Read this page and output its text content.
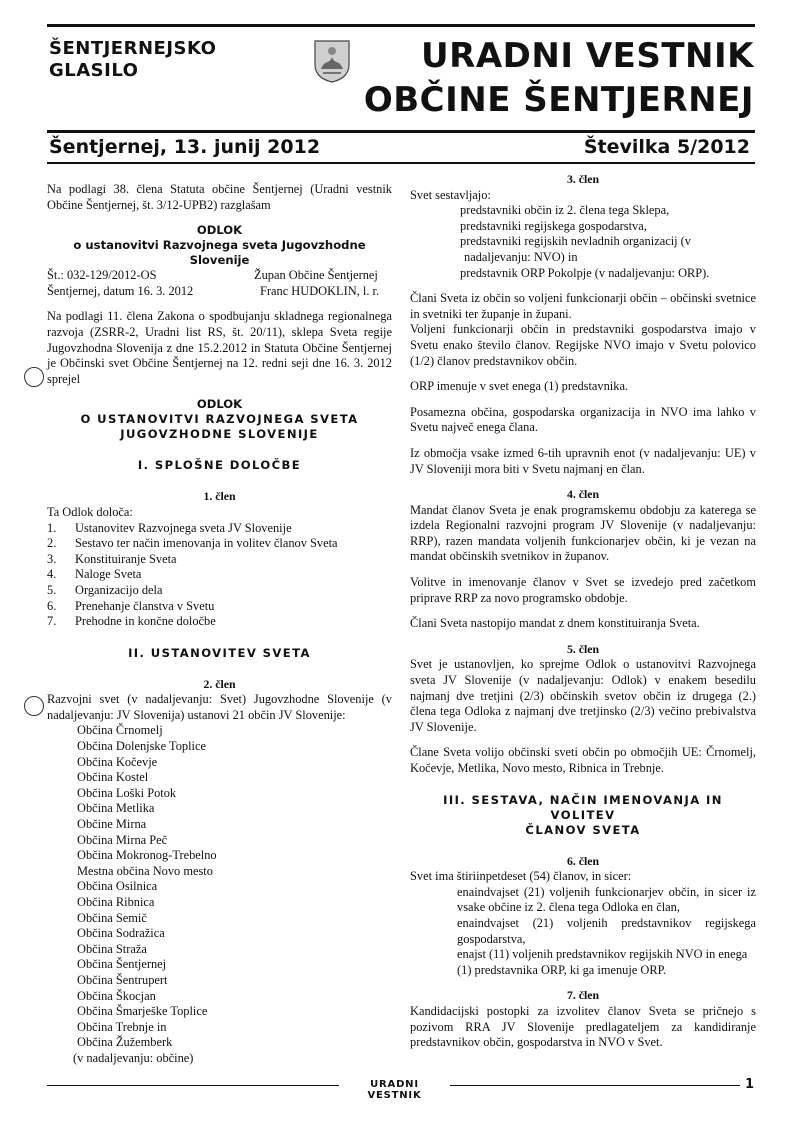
ŠENTJERNEJSKO
GLASILO	URADNI VESTNIK
OBČINE ŠENTJERNEJ
Šentjernej, 13. junij 2012	Številka 5/2012

Na podlagi 38. člena Statuta občine Šentjernej (Uradni vestnik Občine Šentjernej, št. 3/12-UPB2) razglašam

ODLOK
o ustanovitvi Razvojnega sveta Jugovzhodne Slovenije
Št.: 032-129/2012-OS	Župan Občine Šentjernej
Šentjernej, datum 16. 3. 2012	Franc HUDOKLIN, l. r.

Na podlagi 11. člena Zakona o spodbujanju skladnega regionalnega razvoja (ZSRR-2, Uradni list RS, št. 20/11), sklepa Sveta regije Jugovzhodna Slovenija z dne 15.2.2012 in Statuta Občine Šentjernej je Občinski svet Občine Šentjernej na 12. redni seji dne 16. 3. 2012 sprejel

ODLOK
O USTANOVITVI RAZVOJNEGA SVETA
JUGOVZHODNE SLOVENIJE
I. SPLOŠNE DOLOČBE
1. člen

Ta Odlok določa:

1.	Ustanovitev Razvojnega sveta JV Slovenije
2.	Sestavo ter način imenovanja in volitev članov Sveta
3.	Konstituiranje Sveta
4.	Naloge Sveta
5.	Organizacijo dela
6.	Prenehanje članstva v Svetu
7.	Prehodne in končne določbe
II. USTANOVITEV SVETA
2. člen

Razvojni svet (v nadaljevanju: Svet) Jugovzhodne Slovenije (v nadaljevanju: JV Slovenija) ustanovi 21 občin JV Slovenije:

Občina Črnomelj
Občina Dolenjske Toplice
Občina Kočevje
Občina Kostel
Občina Loški Potok
Občina Metlika
Občine Mirna
Občina Mirna Peč
Občina Mokronog-Trebelno
Mestna občina Novo mesto
Občina Osilnica
Občina Ribnica
Občina Semič
Občina Sodražica
Občina Straža
Občina Šentjernej
Občina Šentrupert
Občina Škocjan
Občina Šmarješke Toplice
Občina Trebnje in
Občina Žužemberk
(v nadaljevanju: občine)
3. člen

Svet sestavljajo:

predstavniki občin iz 2. člena tega Sklepa,
predstavniki regijskega gospodarstva,
predstavniki regijskih nevladnih organizacij (v
nadaljevanju: NVO) in
predstavnik ORP Pokolpje (v nadaljevanju: ORP).

Člani Sveta iz občin so voljeni funkcionarji občin – občinski svetnice in svetniki ter županje in župani.

Voljeni funkcionarji občin in predstavniki gospodarstva imajo v Svetu enako število članov. Regijske NVO imajo v Svetu polovico (1/2) članov predstavnikov občin.

ORP imenuje v svet enega (1) predstavnika.

Posamezna občina, gospodarska organizacija in NVO ima lahko v Svetu največ enega člana.

Iz območja vsake izmed 6-tih upravnih enot (v nadaljevanju: UE) v JV Sloveniji mora biti v Svetu najmanj en član.

4. člen

Mandat članov Sveta je enak programskemu obdobju za katerega se izdela Regionalni razvojni program JV Slovenije (v nadaljevanju: RRP), razen mandata voljenih funkcionarjev občin, ki je vezan na mandat občinskih svetnikov in županov.

Volitve in imenovanje članov v Svet se izvedejo pred začetkom priprave RRP za novo programsko obdobje.

Člani Sveta nastopijo mandat z dnem konstituiranja Sveta.

5. člen

Svet je ustanovljen, ko sprejme Odlok o ustanovitvi Razvojnega sveta JV Slovenije (v nadaljevanju: Odlok) v enakem besedilu najmanj dve tretjini (2/3) občinskih svetov občin iz drugega (2.) člena tega Odloka z najmanj dve tretjinsko (2/3) večino prebivalstva JV Slovenije.

Člane Sveta volijo občinski sveti občin po območjih UE: Črnomelj, Kočevje, Metlika, Novo mesto, Ribnica in Trebnje.

III. SESTAVA, NAČIN IMENOVANJA IN VOLITEV
ČLANOV SVETA
6. člen

Svet ima štiriinpetdeset (54) članov, in sicer:

enaindvajset (21) voljenih funkcionarjev občin, in sicer iz vsake občine iz 2. člena tega Odloka en član,

enaindvajset (21) voljenih predstavnikov regijskega gospodarstva,

enajst (11) voljenih predstavnikov regijskih NVO in enega (1) predstavnika ORP, ki ga imenuje ORP.

7. člen

Kandidacijski postopki za izvolitev članov Sveta se pričnejo s pozivom RRA JV Slovenije predlagateljem za kandidiranje predstavnikov občin, gospodarstva in NVO v Svet.

URADNI VESTNIK
1
